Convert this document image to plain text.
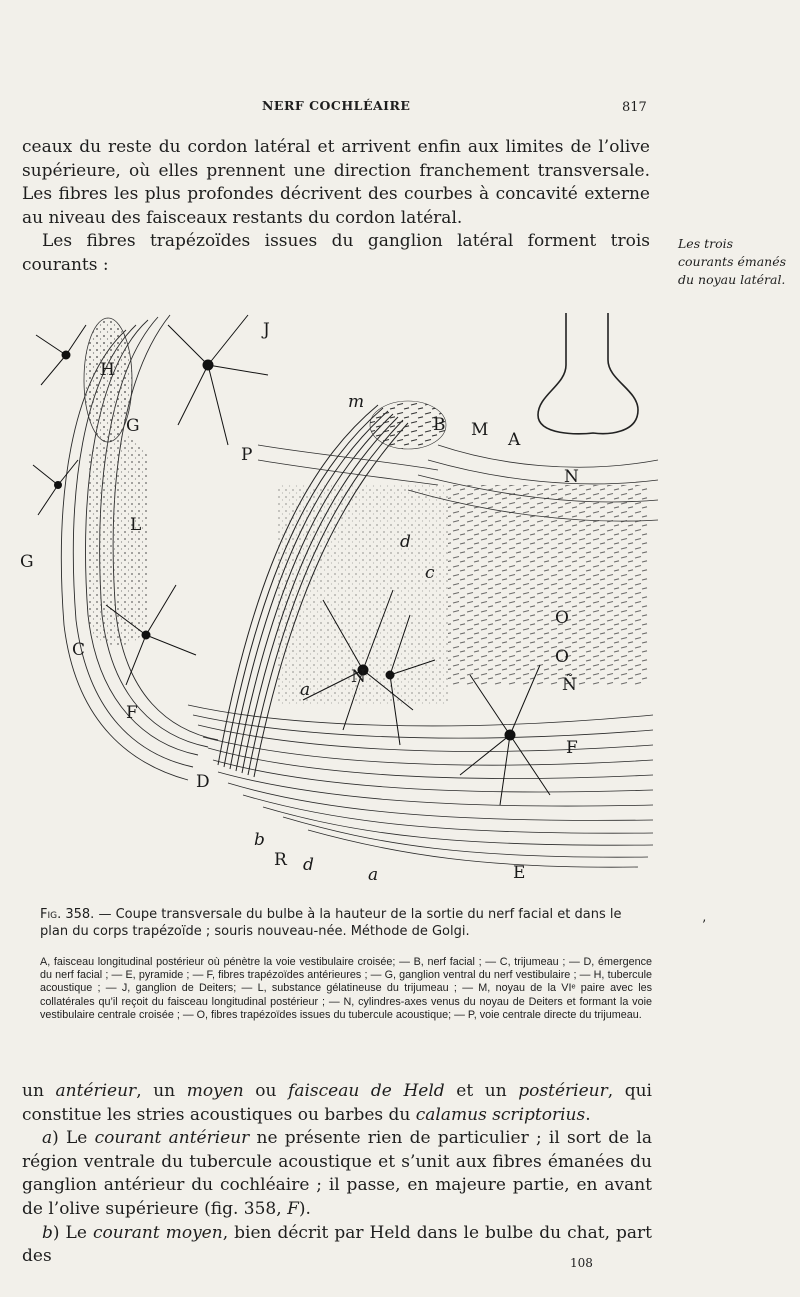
NERF COCHLÉAIRE	817
ceaux du reste du cordon latéral et arrivent enfin aux limites de l’olive supérieure, où elles prennent une direction franchement transversale. Les fibres les plus profondes décrivent des courbes à concavité externe au niveau des faisceaux restants du cordon latéral.
Les fibres trapézoïdes issues du ganglion latéral forment trois courants :
Les trois courants émanés du noyau latéral.
J
H
G
P
m
B M A
N
L
d
c
O
O
C
N	Ñ
F
a
F
D
b
R d	a	E
G
Fig. 358. — Coupe transversale du bulbe à la hauteur de la sortie du nerf facial et dans le plan du corps trapézoïde ; souris nouveau-née. Méthode de Golgi.
A, faisceau longitudinal postérieur où pénètre la voie vestibulaire croisée; — B, nerf facial ; — C, trijumeau ; — D, émergence du nerf facial ; — E, pyramide ; — F, fibres trapézoïdes antérieures ; — G, ganglion ventral du nerf vestibulaire ; — H, tubercule acoustique ; — J, ganglion de Deiters; — L, substance gélatineuse du trijumeau ; — M, noyau de la VIᵉ paire avec les collatérales qu’il reçoit du faisceau longitudinal postérieur ; — N, cylindres-axes venus du noyau de Deiters et formant la voie vestibulaire centrale croisée ; — O, fibres trapézoïdes issues du tubercule acoustique; — P, voie centrale directe du trijumeau.
’
un antérieur, un moyen ou faisceau de Held et un postérieur, qui constitue les stries acoustiques ou barbes du calamus scriptorius.
a) Le courant antérieur ne présente rien de particulier ; il sort de la région ventrale du tubercule acoustique et s’unit aux fibres émanées du ganglion antérieur du cochléaire ; il passe, en majeure partie, en avant de l’olive supérieure (fig. 358, F).
b) Le courant moyen, bien décrit par Held dans le bulbe du chat, part des	108
